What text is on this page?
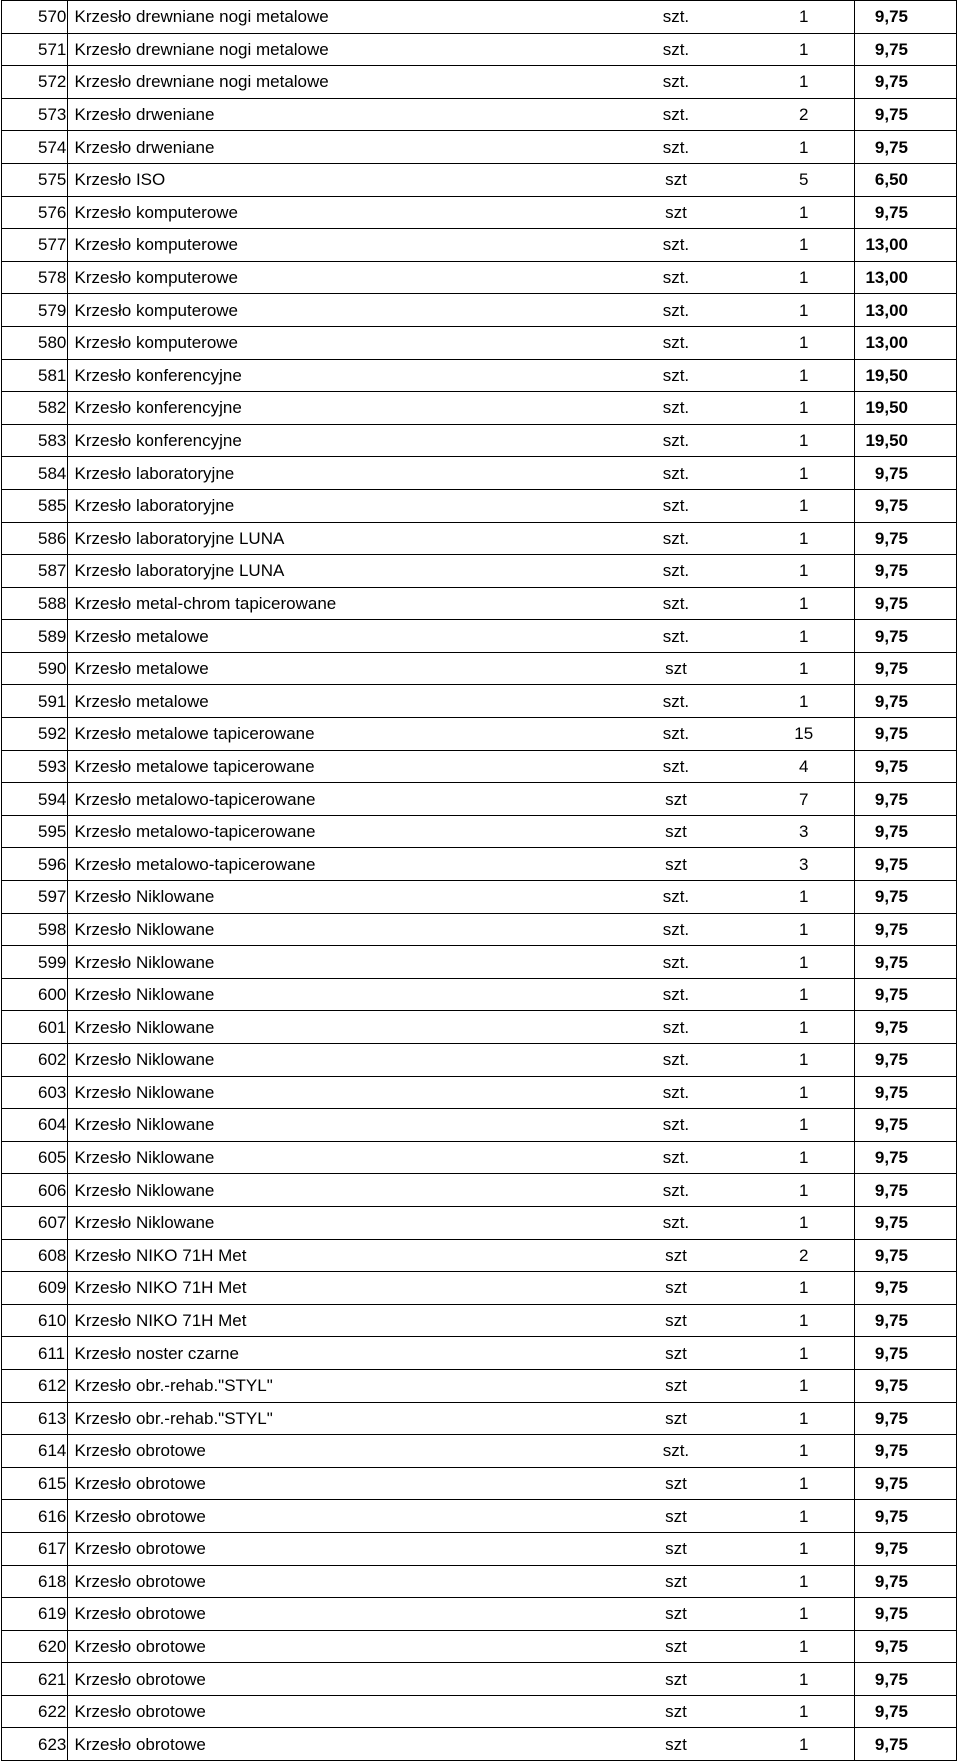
570	Krzesło drewniane nogi metalowe	szt.	1	9,75
571	Krzesło drewniane nogi metalowe	szt.	1	9,75
572	Krzesło drewniane nogi metalowe	szt.	1	9,75
573	Krzesło drweniane	szt.	2	9,75
574	Krzesło drweniane	szt.	1	9,75
575	Krzesło ISO	szt	5	6,50
576	Krzesło komputerowe	szt	1	9,75
577	Krzesło komputerowe	szt.	1	13,00
578	Krzesło komputerowe	szt.	1	13,00
579	Krzesło komputerowe	szt.	1	13,00
580	Krzesło komputerowe	szt.	1	13,00
581	Krzesło konferencyjne	szt.	1	19,50
582	Krzesło konferencyjne	szt.	1	19,50
583	Krzesło konferencyjne	szt.	1	19,50
584	Krzesło laboratoryjne	szt.	1	9,75
585	Krzesło laboratoryjne	szt.	1	9,75
586	Krzesło laboratoryjne LUNA	szt.	1	9,75
587	Krzesło laboratoryjne LUNA	szt.	1	9,75
588	Krzesło metal-chrom tapicerowane	szt.	1	9,75
589	Krzesło metalowe	szt.	1	9,75
590	Krzesło metalowe	szt	1	9,75
591	Krzesło metalowe	szt.	1	9,75
592	Krzesło metalowe tapicerowane	szt.	15	9,75
593	Krzesło metalowe tapicerowane	szt.	4	9,75
594	Krzesło metalowo-tapicerowane	szt	7	9,75
595	Krzesło metalowo-tapicerowane	szt	3	9,75
596	Krzesło metalowo-tapicerowane	szt	3	9,75
597	Krzesło Niklowane	szt.	1	9,75
598	Krzesło Niklowane	szt.	1	9,75
599	Krzesło Niklowane	szt.	1	9,75
600	Krzesło Niklowane	szt.	1	9,75
601	Krzesło Niklowane	szt.	1	9,75
602	Krzesło Niklowane	szt.	1	9,75
603	Krzesło Niklowane	szt.	1	9,75
604	Krzesło Niklowane	szt.	1	9,75
605	Krzesło Niklowane	szt.	1	9,75
606	Krzesło Niklowane	szt.	1	9,75
607	Krzesło Niklowane	szt.	1	9,75
608	Krzesło NIKO 71H Met	szt	2	9,75
609	Krzesło NIKO 71H Met	szt	1	9,75
610	Krzesło NIKO 71H Met	szt	1	9,75
611	Krzesło noster czarne	szt	1	9,75
612	Krzesło obr.-rehab."STYL"	szt	1	9,75
613	Krzesło obr.-rehab."STYL"	szt	1	9,75
614	Krzesło obrotowe	szt.	1	9,75
615	Krzesło obrotowe	szt	1	9,75
616	Krzesło obrotowe	szt	1	9,75
617	Krzesło obrotowe	szt	1	9,75
618	Krzesło obrotowe	szt	1	9,75
619	Krzesło obrotowe	szt	1	9,75
620	Krzesło obrotowe	szt	1	9,75
621	Krzesło obrotowe	szt	1	9,75
622	Krzesło obrotowe	szt	1	9,75
623	Krzesło obrotowe	szt	1	9,75
